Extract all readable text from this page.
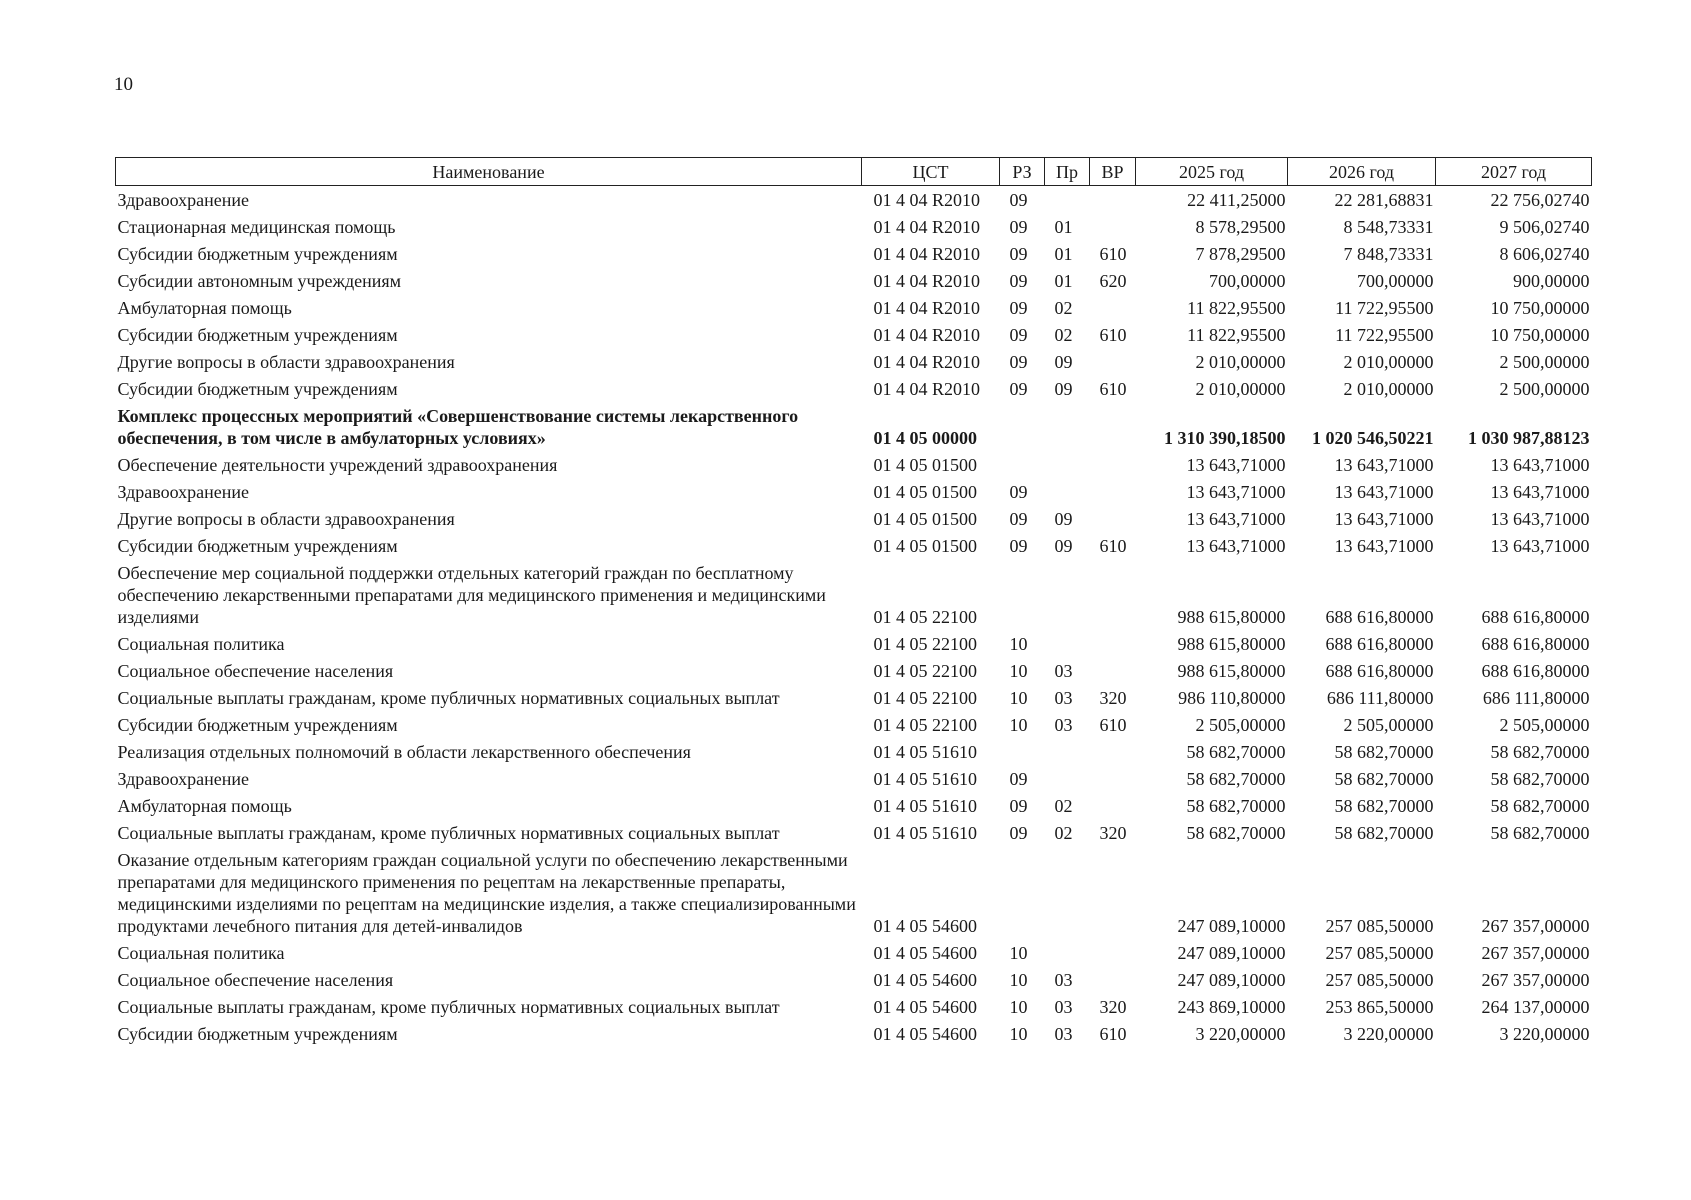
10
Наименование	ЦСТ	РЗ	Пр	ВР	2025 год	2026 год	2027 год
Здравоохранение	01 4 04 R2010	09			22 411,25000	22 281,68831	22 756,02740
Стационарная медицинская помощь	01 4 04 R2010	09	01		8 578,29500	8 548,73331	9 506,02740
Субсидии бюджетным учреждениям	01 4 04 R2010	09	01	610	7 878,29500	7 848,73331	8 606,02740
Субсидии автономным учреждениям	01 4 04 R2010	09	01	620	700,00000	700,00000	900,00000
Амбулаторная помощь	01 4 04 R2010	09	02		11 822,95500	11 722,95500	10 750,00000
Субсидии бюджетным учреждениям	01 4 04 R2010	09	02	610	11 822,95500	11 722,95500	10 750,00000
Другие вопросы в области здравоохранения	01 4 04 R2010	09	09		2 010,00000	2 010,00000	2 500,00000
Субсидии бюджетным учреждениям	01 4 04 R2010	09	09	610	2 010,00000	2 010,00000	2 500,00000
Комплекс процессных мероприятий «Совершенствование системы лекарственного обеспечения, в том числе в амбулаторных условиях»	01 4 05 00000				1 310 390,18500	1 020 546,50221	1 030 987,88123
Обеспечение деятельности учреждений здравоохранения	01 4 05 01500				13 643,71000	13 643,71000	13 643,71000
Здравоохранение	01 4 05 01500	09			13 643,71000	13 643,71000	13 643,71000
Другие вопросы в области здравоохранения	01 4 05 01500	09	09		13 643,71000	13 643,71000	13 643,71000
Субсидии бюджетным учреждениям	01 4 05 01500	09	09	610	13 643,71000	13 643,71000	13 643,71000
Обеспечение мер социальной поддержки отдельных категорий граждан по бесплатному обеспечению лекарственными препаратами для медицинского применения и медицинскими изделиями	01 4 05 22100				988 615,80000	688 616,80000	688 616,80000
Социальная политика	01 4 05 22100	10			988 615,80000	688 616,80000	688 616,80000
Социальное обеспечение населения	01 4 05 22100	10	03		988 615,80000	688 616,80000	688 616,80000
Социальные выплаты гражданам, кроме публичных нормативных социальных выплат	01 4 05 22100	10	03	320	986 110,80000	686 111,80000	686 111,80000
Субсидии бюджетным учреждениям	01 4 05 22100	10	03	610	2 505,00000	2 505,00000	2 505,00000
Реализация отдельных полномочий в области лекарственного обеспечения	01 4 05 51610				58 682,70000	58 682,70000	58 682,70000
Здравоохранение	01 4 05 51610	09			58 682,70000	58 682,70000	58 682,70000
Амбулаторная помощь	01 4 05 51610	09	02		58 682,70000	58 682,70000	58 682,70000
Социальные выплаты гражданам, кроме публичных нормативных социальных выплат	01 4 05 51610	09	02	320	58 682,70000	58 682,70000	58 682,70000
Оказание отдельным категориям граждан социальной услуги по обеспечению лекарственными препаратами для медицинского применения по рецептам на лекарственные препараты, медицинскими изделиями по рецептам на медицинские изделия, а также специализированными продуктами лечебного питания для детей-инвалидов	01 4 05 54600				247 089,10000	257 085,50000	267 357,00000
Социальная политика	01 4 05 54600	10			247 089,10000	257 085,50000	267 357,00000
Социальное обеспечение населения	01 4 05 54600	10	03		247 089,10000	257 085,50000	267 357,00000
Социальные выплаты гражданам, кроме публичных нормативных социальных выплат	01 4 05 54600	10	03	320	243 869,10000	253 865,50000	264 137,00000
Субсидии бюджетным учреждениям	01 4 05 54600	10	03	610	3 220,00000	3 220,00000	3 220,00000
